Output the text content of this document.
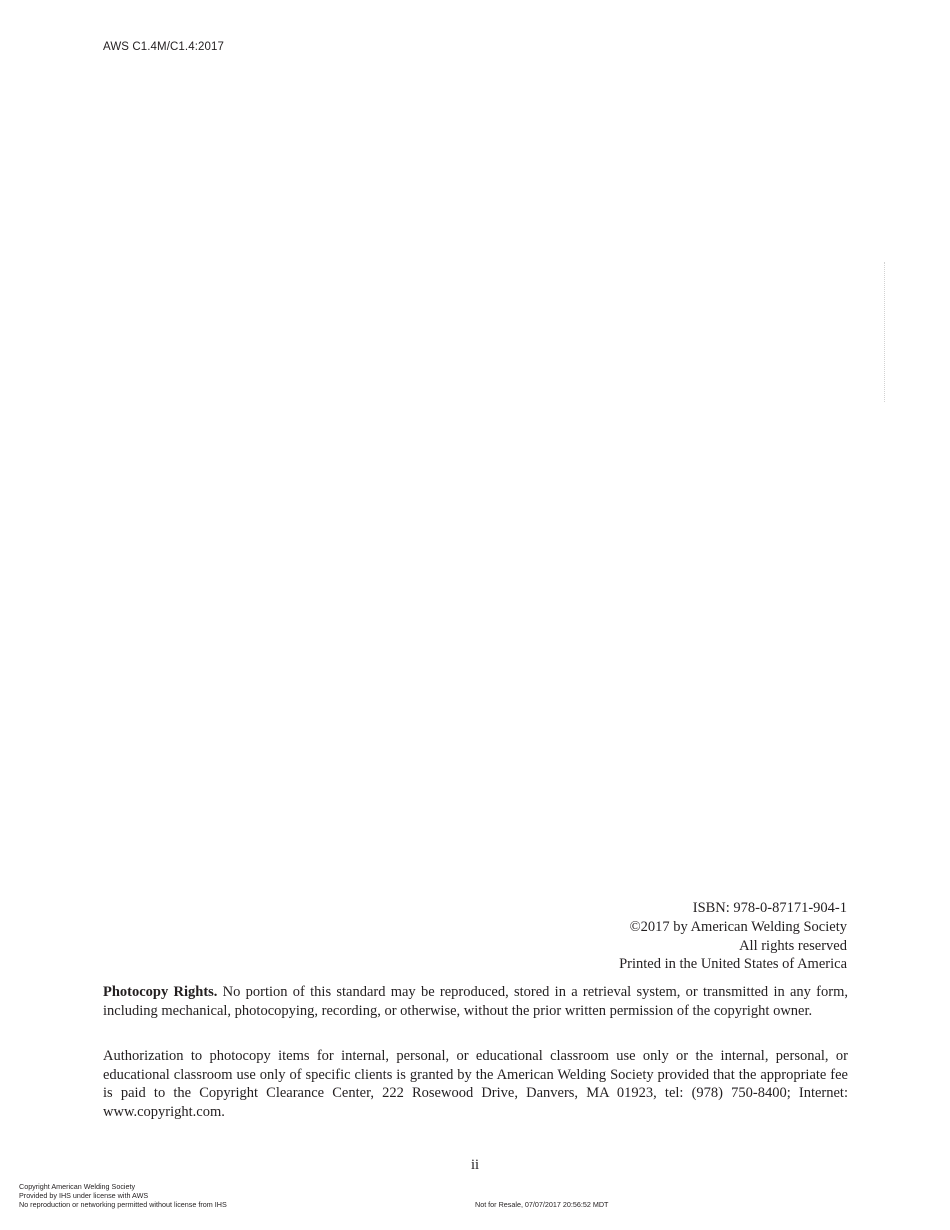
AWS C1.4M/C1.4:2017
ISBN: 978-0-87171-904-1
©2017 by American Welding Society
All rights reserved
Printed in the United States of America
Photocopy Rights. No portion of this standard may be reproduced, stored in a retrieval system, or transmitted in any form, including mechanical, photocopying, recording, or otherwise, without the prior written permission of the copyright owner.
Authorization to photocopy items for internal, personal, or educational classroom use only or the internal, personal, or educational classroom use only of specific clients is granted by the American Welding Society provided that the appropriate fee is paid to the Copyright Clearance Center, 222 Rosewood Drive, Danvers, MA 01923, tel: (978) 750-8400; Internet: www.copyright.com.
ii
Copyright American Welding Society
Provided by IHS under license with AWS
No reproduction or networking permitted without license from IHS	Not for Resale, 07/07/2017 20:56:52 MDT
